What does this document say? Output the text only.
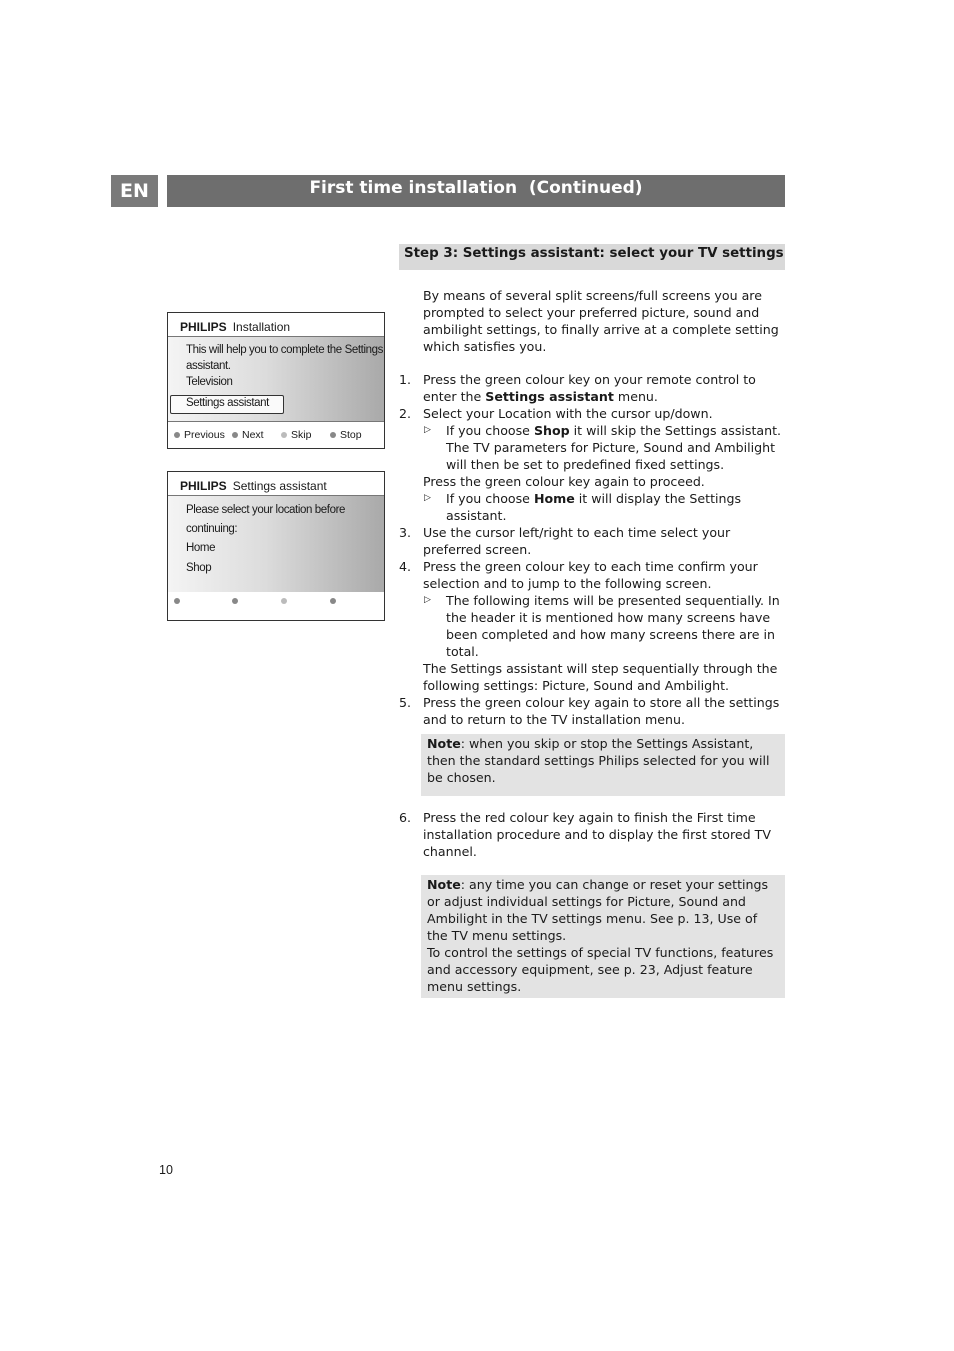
EN	First time installation  (Continued)
Step 3: Settings assistant: select your TV settings
By means of several split screens/full screens you are prompted to select your preferred picture, sound and ambilight settings, to finally arrive at a complete setting which satisfies you.
1. Press the green colour key on your remote control to enter the Settings assistant menu.
2. Select your Location with the cursor up/down.
▷ If you choose Shop it will skip the Settings assistant. The TV parameters for Picture, Sound and Ambilight will then be set to predefined fixed settings.
Press the green colour key again to proceed.
▷ If you choose Home it will display the Settings assistant.
3. Use the cursor left/right to each time select your preferred screen.
4. Press the green colour key to each time confirm your selection and to jump to the following screen.
▷ The following items will be presented sequentially. In the header it is mentioned how many screens have been completed and how many screens there are in total.
The Settings assistant will step sequentially through the following settings: Picture, Sound and Ambilight.
5. Press the green colour key again to store all the settings and to return to the TV installation menu.
Note: when you skip or stop the Settings Assistant, then the standard settings Philips selected for you will be chosen.
6. Press the red colour key again to finish the First time installation procedure and to display the first stored TV channel.
Note: any time you can change or reset your settings or adjust individual settings for Picture, Sound and Ambilight in the TV settings menu. See p. 13, Use of the TV menu settings.
To control the settings of special TV functions, features and accessory equipment, see p. 23, Adjust feature menu settings.
PHILIPS Installation
This will help you to complete the Settings
assistant.
Television
Settings assistant
Previous Next	Skip	Stop
PHILIPS Settings assistant
Please select your location before
continuing:
Home
Shop
10
